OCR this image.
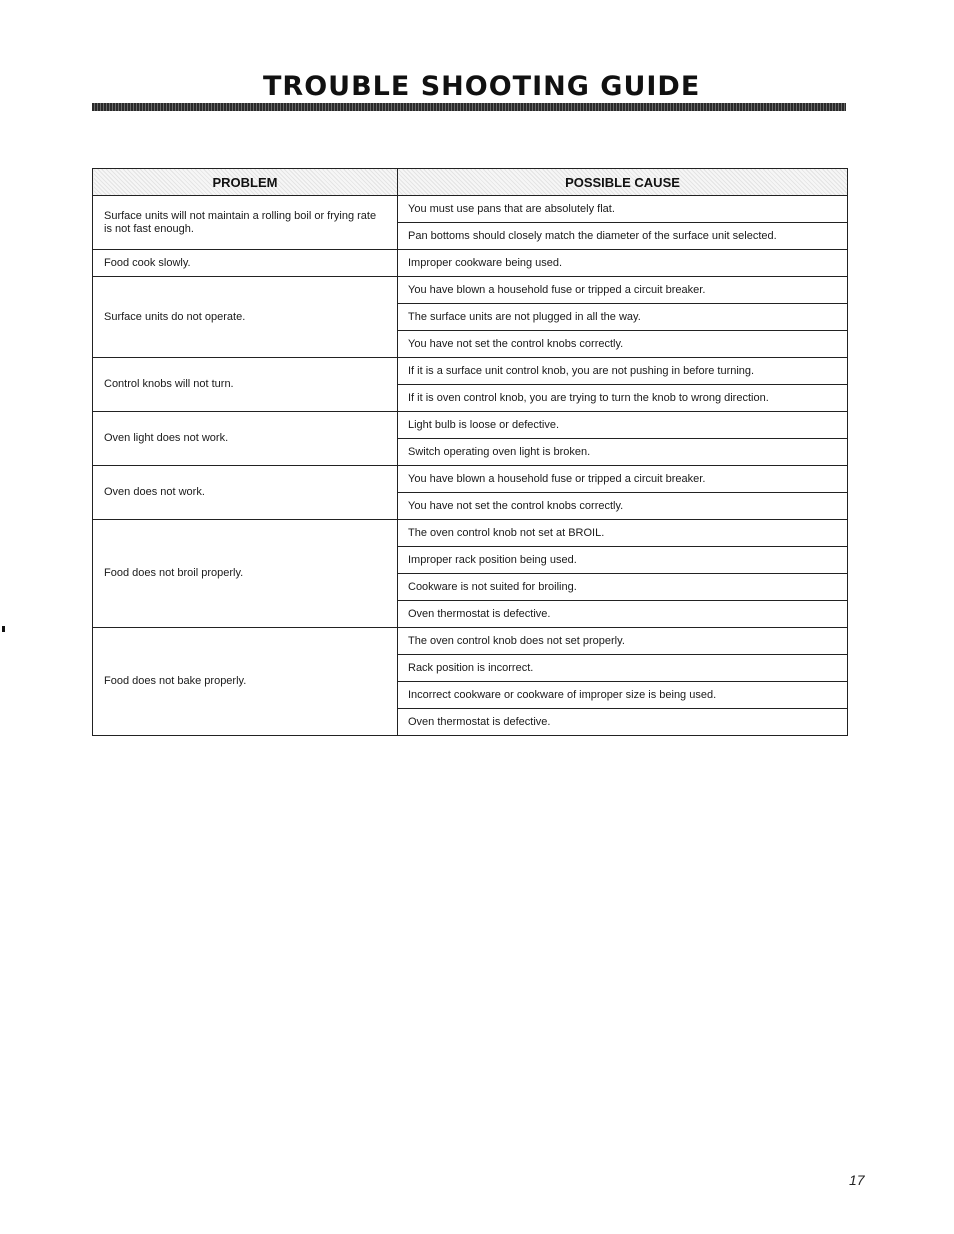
TROUBLE SHOOTING GUIDE
PROBLEM	POSSIBLE CAUSE
Surface units will not maintain a rolling boil or frying rate is not fast enough.	You must use pans that are absolutely flat.
	Pan bottoms should closely match the diameter of the surface unit selected.
Food cook slowly.	Improper cookware being used.
Surface units do not operate.	You have blown a household fuse or tripped a circuit breaker.
	The surface units are not plugged in all the way.
	You have not set the control knobs correctly.
Control knobs will not turn.	If it is a surface unit control knob, you are not pushing in before turning.
	If it is oven control knob, you are trying to turn the knob to wrong direction.
Oven light does not work.	Light bulb is loose or defective.
	Switch operating oven light is broken.
Oven does not work.	You have blown a household fuse or tripped a circuit breaker.
	You have not set the control knobs correctly.
Food does not broil properly.	The oven control knob not set at BROIL.
	Improper rack position being used.
	Cookware is not suited for broiling.
	Oven thermostat is defective.
Food does not bake properly.	The oven control knob does not set properly.
	Rack position is incorrect.
	Incorrect cookware or cookware of improper size is being used.
	Oven thermostat is defective.
17
